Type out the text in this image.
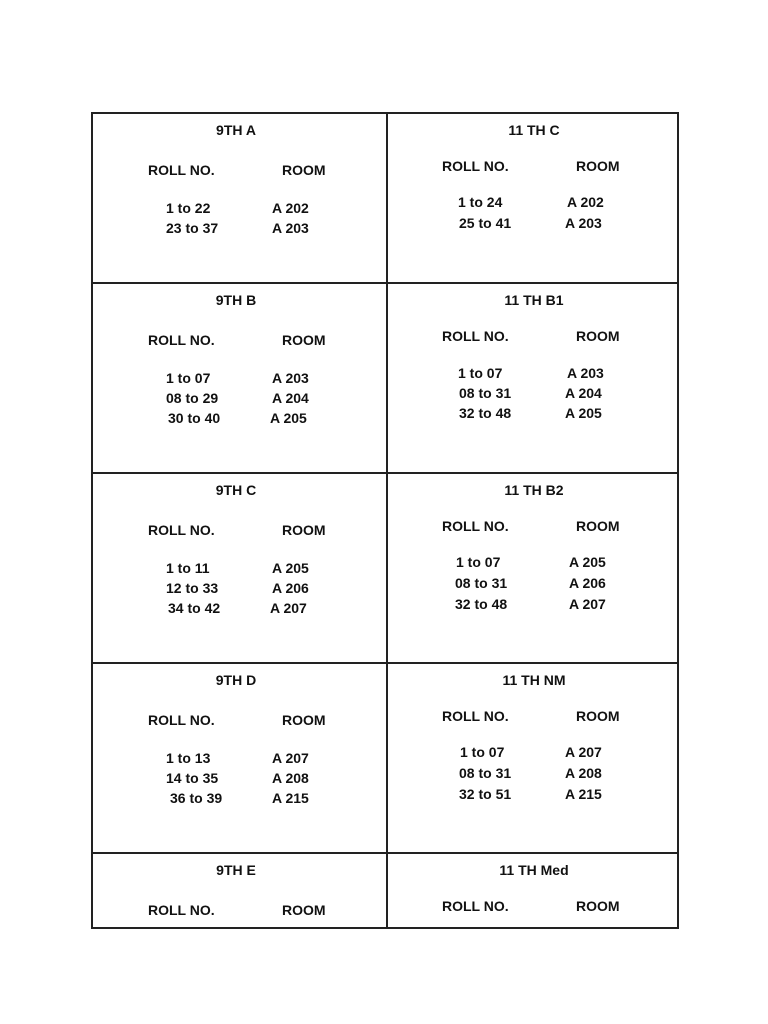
9TH A
ROLL NO.	ROOM
1 to 22	A 202
23 to 37	A 203
9TH B
ROLL NO.	ROOM
1 to 07	A 203
08 to 29	A 204
30 to 40	A 205
9TH C
ROLL NO.	ROOM
1 to 11	A 205
12 to 33	A 206
34 to 42	A 207
9TH D
ROLL NO.	ROOM
1 to 13	A 207
14 to 35	A 208
36 to 39	A 215
9TH E
ROLL NO.	ROOM
11 TH C
ROLL NO.	ROOM
1 to 24	A 202
25 to 41	A 203
11 TH B1
ROLL NO.	ROOM
1 to 07	A 203
08 to 31	A 204
32 to 48	A 205
11 TH B2
ROLL NO.	ROOM
1 to 07	A 205
08 to 31	A 206
32 to 48	A 207
11 TH NM
ROLL NO.	ROOM
1 to 07	A 207
08 to 31	A 208
32 to 51	A 215
11 TH Med
ROLL NO.	ROOM
